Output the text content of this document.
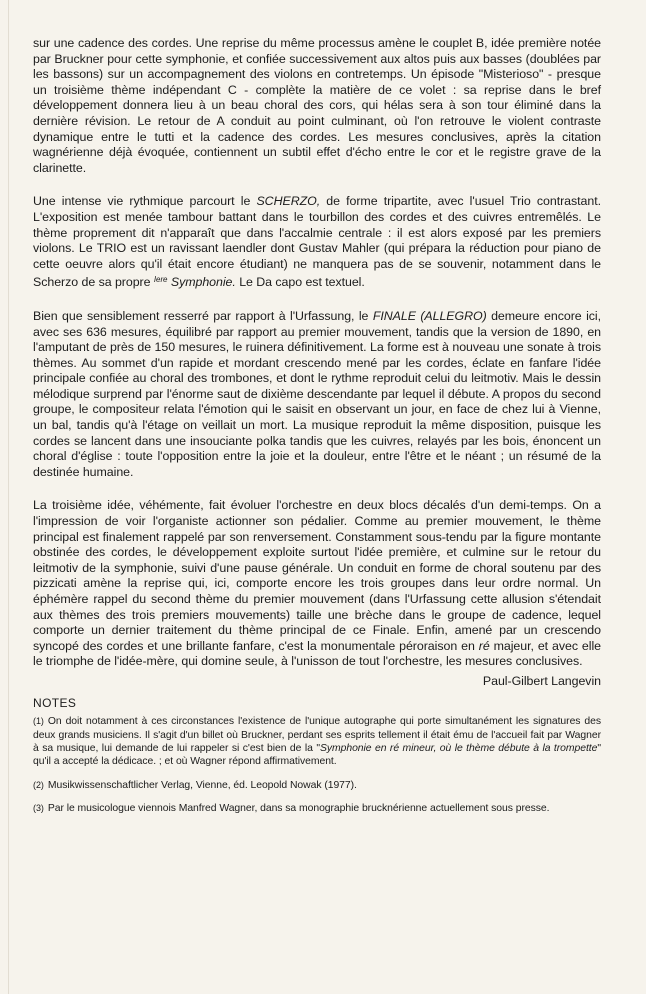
sur une cadence des cordes. Une reprise du même processus amène le couplet B, idée première notée par Bruckner pour cette symphonie, et confiée successivement aux altos puis aux basses (doublées par les bassons) sur un accompagnement des violons en contretemps. Un épisode "Misterioso" - presque un troisième thème indépendant C - complète la matière de ce volet : sa reprise dans le bref développement donnera lieu à un beau choral des cors, qui hélas sera à son tour éliminé dans la dernière révision. Le retour de A conduit au point culminant, où l'on retrouve le violent contraste dynamique entre le tutti et la cadence des cordes. Les mesures conclusives, après la citation wagnérienne déjà évoquée, contiennent un subtil effet d'écho entre le cor et le registre grave de la clarinette.

Une intense vie rythmique parcourt le SCHERZO, de forme tripartite, avec l'usuel Trio contrastant. L'exposition est menée tambour battant dans le tourbillon des cordes et des cuivres entremêlés. Le thème proprement dit n'apparaît que dans l'accalmie centrale : il est alors exposé par les premiers violons. Le TRIO est un ravissant laendler dont Gustav Mahler (qui prépara la réduction pour piano de cette oeuvre alors qu'il était encore étudiant) ne manquera pas de se souvenir, notamment dans le Scherzo de sa propre $^{Iere}$ Symphonie. Le Da capo est textuel.

Bien que sensiblement resserré par rapport à l'Urfassung, le FINALE (ALLEGRO) demeure encore ici, avec ses 636 mesures, équilibré par rapport au premier mouvement, tandis que la version de 1890, en l'amputant de près de 150 mesures, le ruinera définitivement. La forme est à nouveau une sonate à trois thèmes. Au sommet d'un rapide et mordant crescendo mené par les cordes, éclate en fanfare l'idée principale confiée au choral des trombones, et dont le rythme reproduit celui du leitmotiv. Mais le dessin mélodique surprend par l'énorme saut de dixième descendante par lequel il débute. A propos du second groupe, le compositeur relata l'émotion qui le saisit en observant un jour, en face de chez lui à Vienne, un bal, tandis qu'à l'étage on veillait un mort. La musique reproduit la même disposition, puisque les cordes se lancent dans une insouciante polka tandis que les cuivres, relayés par les bois, énoncent un choral d'église : toute l'opposition entre la joie et la douleur, entre l'être et le néant ; un résumé de la destinée humaine.

La troisième idée, véhémente, fait évoluer l'orchestre en deux blocs décalés d'un demi-temps. On a l'impression de voir l'organiste actionner son pédalier. Comme au premier mouvement, le thème principal est finalement rappelé par son renversement. Constamment sous-tendu par la figure montante obstinée des cordes, le développement exploite surtout l'idée première, et culmine sur le retour du leitmotiv de la symphonie, suivi d'une pause générale. Un conduit en forme de choral soutenu par des pizzicati amène la reprise qui, ici, comporte encore les trois groupes dans leur ordre normal. Un éphémère rappel du second thème du premier mouvement (dans l'Urfassung cette allusion s'étendait aux thèmes des trois premiers mouvements) taille une brèche dans le groupe de cadence, lequel comporte un dernier traitement du thème principal de ce Finale. Enfin, amené par un crescendo syncopé des cordes et une brillante fanfare, c'est la monumentale péroraison en ré majeur, et avec elle le triomphe de l'idée-mère, qui domine seule, à l'unisson de tout l'orchestre, les mesures conclusives.

Paul-Gilbert Langevin
NOTES
(1) On doit notamment à ces circonstances l'existence de l'unique autographe qui porte simultanément les signatures des deux grands musiciens. Il s'agit d'un billet où Bruckner, perdant ses esprits tellement il était ému de l'accueil fait par Wagner à sa musique, lui demande de lui rappeler si c'est bien de la "Symphonie en ré mineur, où le thème débute à la trompette" qu'il a accepté la dédicace. ; et où Wagner répond affirmativement.
(2) Musikwissenschaftlicher Verlag, Vienne, éd. Leopold Nowak (1977).
(3) Par le musicologue viennois Manfred Wagner, dans sa monographie brucknérienne actuellement sous presse.
